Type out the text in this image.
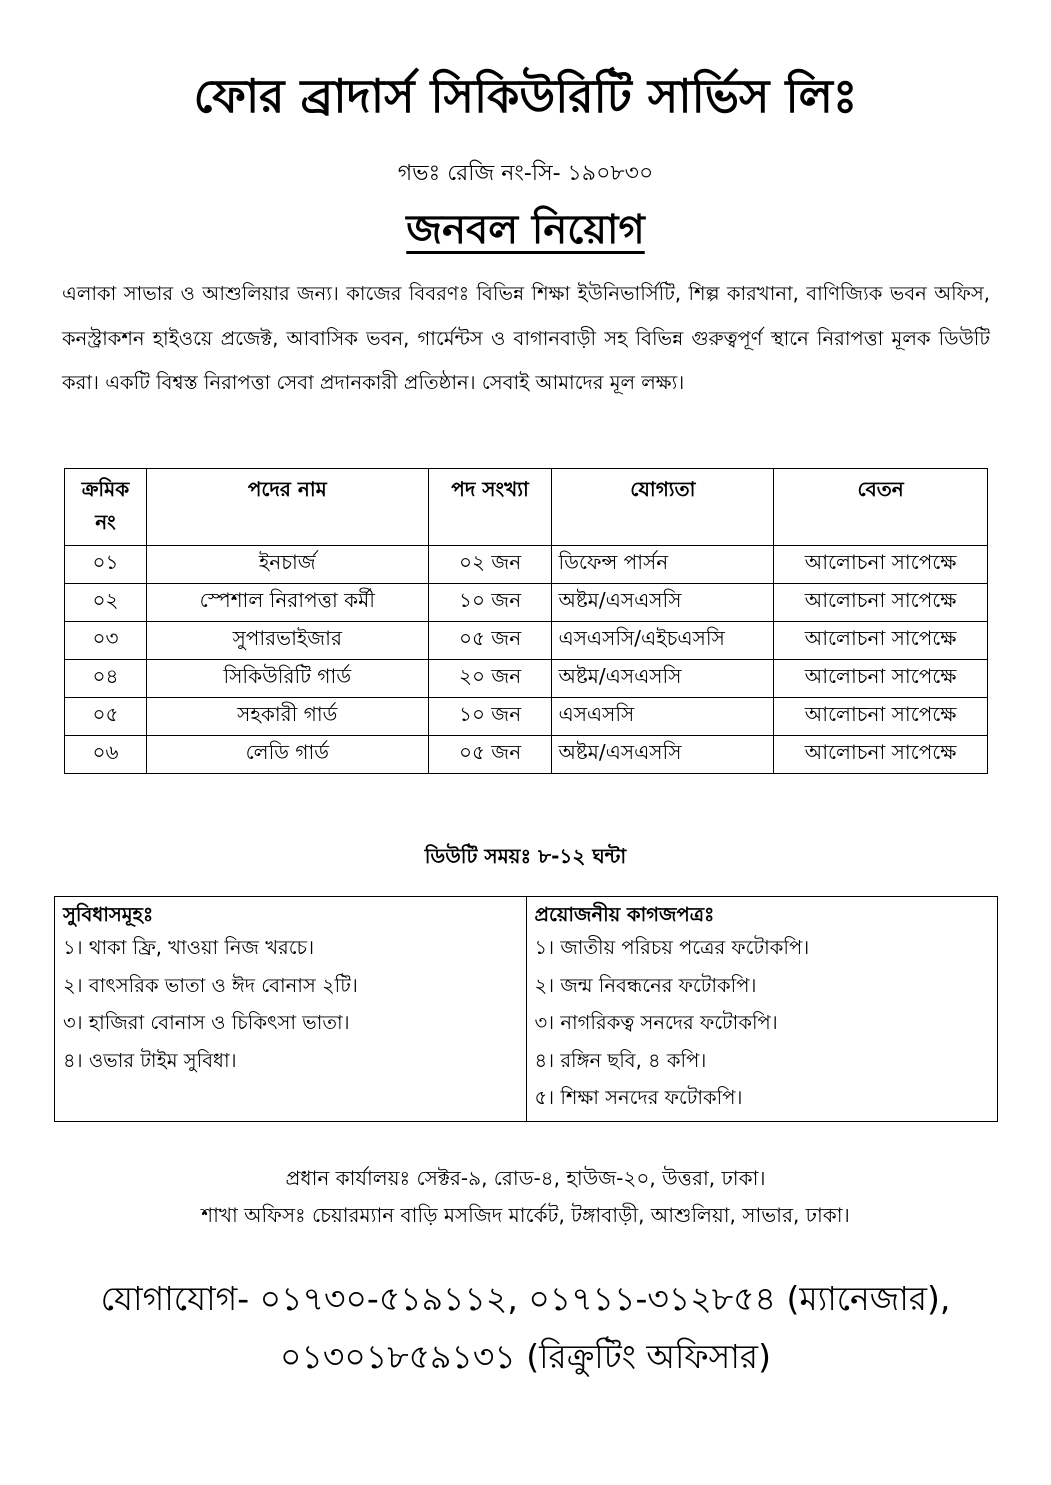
ফোর ব্রাদার্স সিকিউরিটি সার্ভিস লিঃ
গভঃ রেজি নং-সি- ১৯০৮৩০
জনবল নিয়োগ
এলাকা সাভার ও আশুলিয়ার জন্য। কাজের বিবরণঃ বিভিন্ন শিক্ষা ইউনিভার্সিটি, শিল্প কারখানা, বাণিজ্যিক ভবন অফিস, কনস্ট্রাকশন হাইওয়ে প্রজেক্ট, আবাসিক ভবন, গার্মেন্টস ও বাগানবাড়ী সহ বিভিন্ন গুরুত্বপূর্ণ স্থানে নিরাপত্তা মূলক ডিউটি করা। একটি বিশ্বস্ত নিরাপত্তা সেবা প্রদানকারী প্রতিষ্ঠান। সেবাই আমাদের মূল লক্ষ্য।
ক্রমিক নং	পদের নাম	পদ সংখ্যা	যোগ্যতা	বেতন
০১	ইনচার্জ	০২ জন	ডিফেন্স পার্সন	আলোচনা সাপেক্ষে
০২	স্পেশাল নিরাপত্তা কর্মী	১০ জন	অষ্টম/এসএসসি	আলোচনা সাপেক্ষে
০৩	সুপারভাইজার	০৫ জন	এসএসসি/এইচএসসি	আলোচনা সাপেক্ষে
০৪	সিকিউরিটি গার্ড	২০ জন	অষ্টম/এসএসসি	আলোচনা সাপেক্ষে
০৫	সহকারী গার্ড	১০ জন	এসএসসি	আলোচনা সাপেক্ষে
০৬	লেডি গার্ড	০৫ জন	অষ্টম/এসএসসি	আলোচনা সাপেক্ষে
ডিউটি সময়ঃ ৮-১২ ঘন্টা
সুবিধাসমূহঃ
১। থাকা ফ্রি, খাওয়া নিজ খরচে।
২। বাৎসরিক ভাতা ও ঈদ বোনাস ২টি।
৩। হাজিরা বোনাস ও চিকিৎসা ভাতা।
৪। ওভার টাইম সুবিধা।

প্রয়োজনীয় কাগজপত্রঃ
১। জাতীয় পরিচয় পত্রের ফটোকপি।
২। জন্ম নিবন্ধনের ফটোকপি।
৩। নাগরিকত্ব সনদের ফটোকপি।
৪। রঙ্গিন ছবি, ৪ কপি।
৫। শিক্ষা সনদের ফটোকপি।
প্রধান কার্যালয়ঃ সেক্টর-৯, রোড-৪, হাউজ-২০, উত্তরা, ঢাকা।
শাখা অফিসঃ চেয়ারম্যান বাড়ি মসজিদ মার্কেট, টঙ্গাবাড়ী, আশুলিয়া, সাভার, ঢাকা।
যোগাযোগ- ০১৭৩০-৫১৯১১২, ০১৭১১-৩১২৮৫৪ (ম্যানেজার),
০১৩০১৮৫৯১৩১ (রিক্রুটিং অফিসার)
